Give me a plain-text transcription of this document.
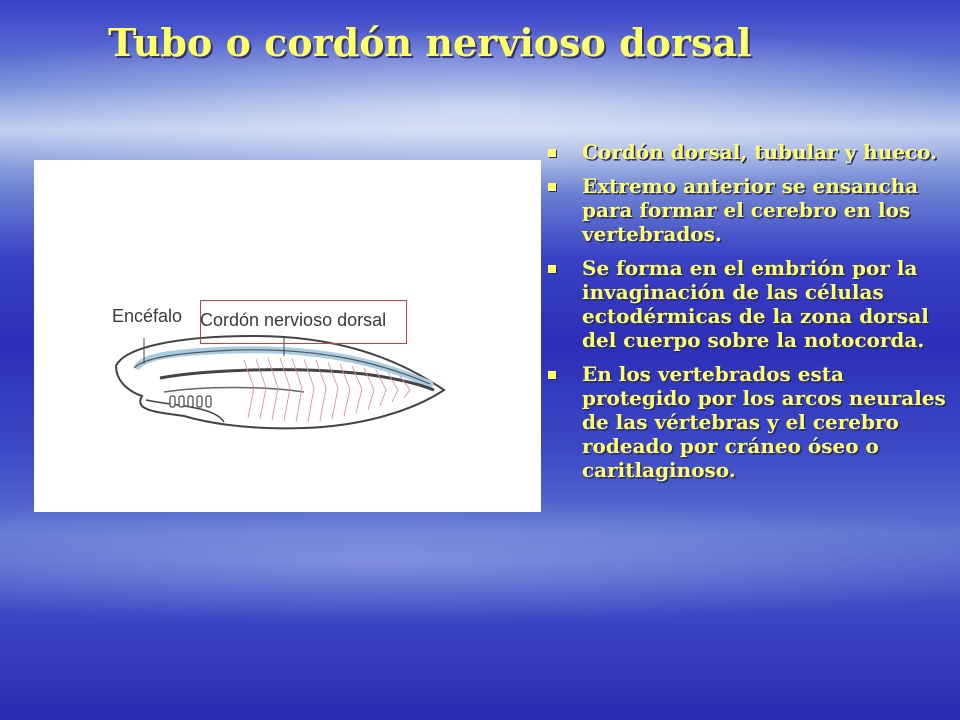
Tubo o cordón nervioso dorsal
Encéfalo Cordón nervioso dorsal
Cordón dorsal, tubular y hueco.
Extremo anterior se ensancha para formar el cerebro en los vertebrados.
Se forma en el embrión por la invaginación de las células ectodérmicas de la zona dorsal del cuerpo sobre la notocorda.
En los vertebrados esta protegido por los arcos neurales de las vértebras y el cerebro rodeado por cráneo óseo o caritlaginoso.
